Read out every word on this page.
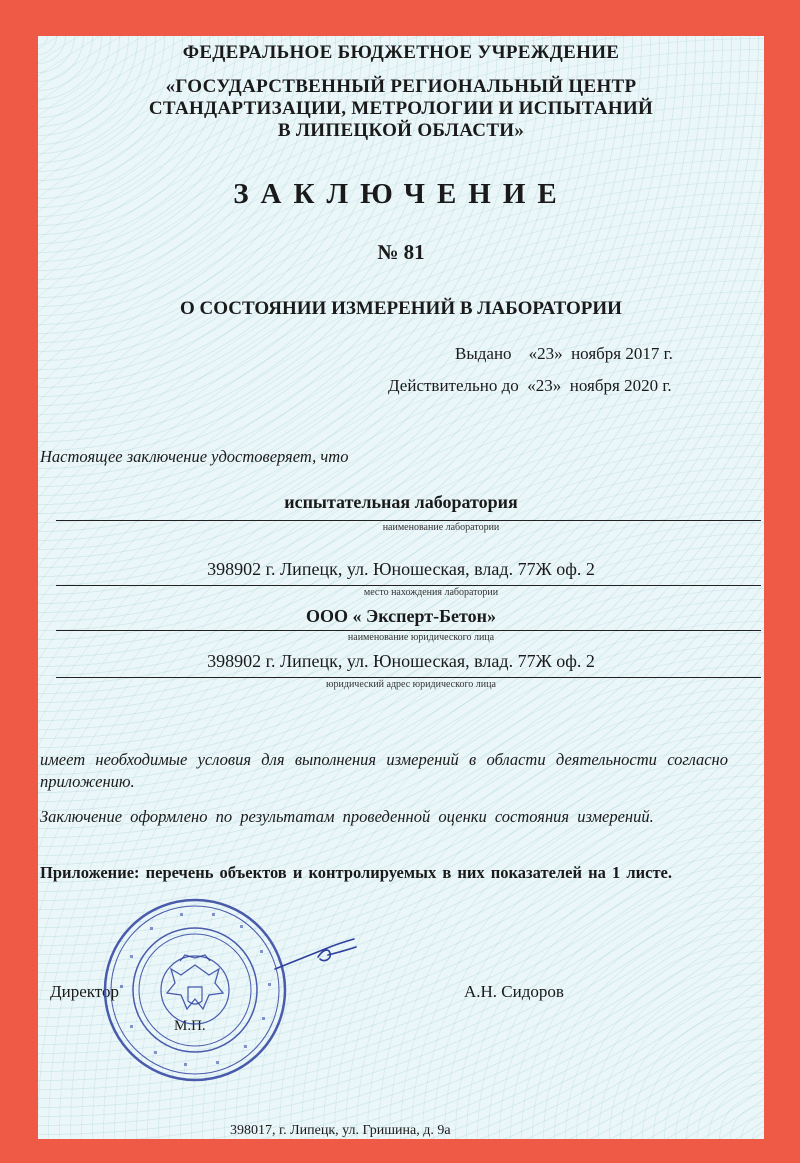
ФЕДЕРАЛЬНОЕ БЮДЖЕТНОЕ УЧРЕЖДЕНИЕ
«ГОСУДАРСТВЕННЫЙ РЕГИОНАЛЬНЫЙ ЦЕНТР
СТАНДАРТИЗАЦИИ, МЕТРОЛОГИИ И ИСПЫТАНИЙ
В ЛИПЕЦКОЙ ОБЛАСТИ»
ЗАКЛЮЧЕНИЕ
№ 81
О СОСТОЯНИИ ИЗМЕРЕНИЙ В ЛАБОРАТОРИИ
Выдано «23» ноября 2017 г.
Действительно до «23» ноября 2020 г.
Настоящее заключение удостоверяет, что
испытательная лаборатория
наименование лаборатории
398902 г. Липецк, ул. Юношеская, влад. 77Ж оф. 2
место нахождения лаборатории
ООО « Эксперт-Бетон»
наименование юридического лица
398902 г. Липецк, ул. Юношеская, влад. 77Ж оф. 2
юридический адрес юридического лица
имеет необходимые условия для выполнения измерений в области деятельности согласно приложению.
Заключение оформлено по результатам проведенной оценки состояния измерений.
Приложение: перечень объектов и контролируемых в них показателей на 1 листе.
Директор	А.Н. Сидоров
М.П.
398017, г. Липецк, ул. Гришина, д. 9а
